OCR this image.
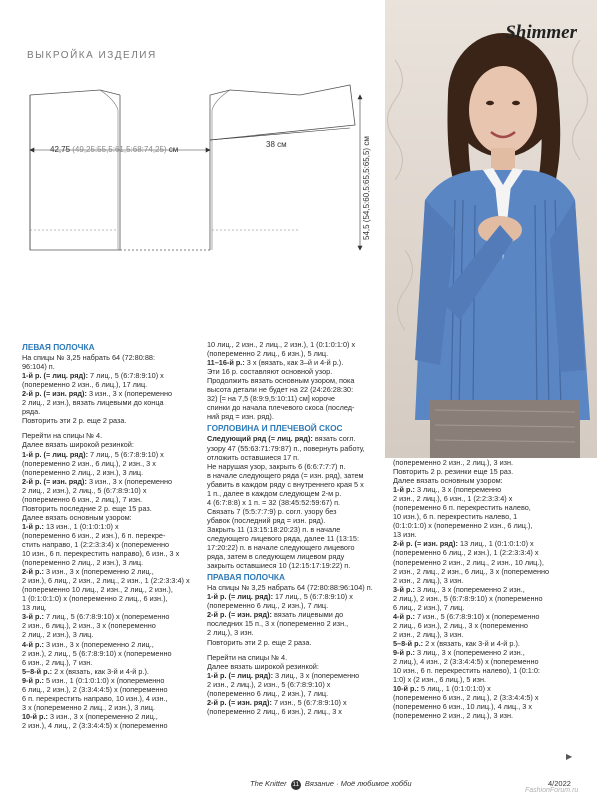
ВЫКРОЙКА ИЗДЕЛИЯ
42,75 (49,25:55,5:61,5:68:74,25) см
38 см
54,5 (54,5:60,5:65,5:65,5) см
Shimmer

ЛЕВАЯ ПОЛОЧКА

На спицы № 3,25 набрать 64 (72:80:88:

96:104) п.

1-й р. (= лиц. ряд): 7 лиц., 5 (6:7:8:9:10) х

(попеременно 2 изн., 6 лиц.), 17 лиц.

2-й р. (= изн. ряд): 3 изн., 3 х (попеременно

2 лиц., 2 изн.), вязать лицевыми до конца

ряда.

Повторить эти 2 р. еще 2 раза.

Перейти на спицы № 4.

Далее вязать широкой резинкой:

1-й р. (= лиц. ряд): 7 лиц., 5 (6:7:8:9:10) х

(попеременно 2 изн., 6 лиц.), 2 изн., 3 х

(попеременно 2 лиц., 2 изн.), 3 лиц.

2-й р. (= изн. ряд): 3 изн., 3 х (попеременно

2 лиц., 2 изн.), 2 лиц., 5 (6:7:8:9:10) х

(попеременно 6 изн., 2 лиц.), 7 изн.

Повторить последние 2 р. еще 15 раз.

Далее вязать основным узором:

1-й р.: 13 изн., 1 (0:1:0:1:0) х

(попеременно 6 изн., 2 изн.), 6 п. перекре-

стить направо, 1 (2:2:3:3:4) х (попеременно

10 изн., 6 п. перекрестить направо), 6 изн., 3 х

(попеременно 2 лиц., 2 изн.), 3 лиц.

2-й р.: 3 изн., 3 х (попеременно 2 лиц.,

2 изн.), 6 лиц., 2 изн., 2 лиц., 2 изн., 1 (2:2:3:3:4) х

(попеременно 10 лиц., 2 изн., 2 лиц., 2 изн.),

1 (0:1:0:1:0) х (попеременно 2 лиц., 6 изн.),

13 лиц.

3-й р.: 7 лиц., 5 (6:7:8:9:10) х (попеременно

2 изн., 6 лиц.), 2 изн., 3 х (попеременно

2 лиц., 2 изн.), 3 лиц.

4-й р.: 3 изн., 3 х (попеременно 2 лиц.,

2 изн.), 2 лиц., 5 (6:7:8:9:10) х (попеременно

6 изн., 2 лиц.), 7 изн.

5–8-й р.: 2 х (вязать, как 3-й и 4-й р.).

9-й р.: 5 изн., 1 (0:1:0:1:0) х (попеременно

6 лиц., 2 изн.), 2 (3:3:4:4:5) х (попеременно

6 п. перекрестить направо, 10 изн.), 4 изн.,

3 х (попеременно 2 лиц., 2 изн.), 3 лиц.

10-й р.: 3 изн., 3 х (попеременно 2 лиц.,

2 изн.), 4 лиц., 2 (3:3:4:4:5) х (попеременно

10 лиц., 2 изн., 2 лиц., 2 изн.), 1 (0:1:0:1:0) х

(попеременно 2 лиц., 6 изн.), 5 лиц.

11–16-й р.: 3 х (вязать, как 3–й и 4-й р.).

Эти 16 р. составляют основной узор.

Продолжить вязать основным узором, пока

высота детали не будет на 22 (24:26:28:30:

32) [= на 7,5 (8:9:9,5:10:11) см] короче

спинки до начала плечевого скоса (послед-

ний ряд = изн. ряд).

ГОРЛОВИНА И ПЛЕЧЕВОЙ СКОС

Следующий ряд (= лиц. ряд): вязать согл.

узору 47 (55:63:71:79:87) п., повернуть работу,

отложить оставшиеся 17 п.

Не нарушая узор, закрыть 6 (6:6:7:7:7) п.

в начале следующего ряда (= изн. ряд), затем

убавить в каждом ряду с внутреннего края 5 х

1 п., далее в каждом следующем 2-м р.

4 (6:7:8:8) х 1 п. = 32 (38:45:52:59:67) п.

Связать 7 (5:5:7:7:9) р. согл. узору без

убавок (последний ряд = изн. ряд).

Закрыть 11 (13:15:18:20:23) п. в начале

следующего лицевого ряда, далее 11 (13:15:

17:20:22) п. в начале следующего лицевого

ряда, затем в следующем лицевом ряду

закрыть оставшиеся 10 (12:15:17:19:22) п.

ПРАВАЯ ПОЛОЧКА

На спицы № 3,25 набрать 64 (72:80:88:96:104) п.

1-й р. (= лиц. ряд): 17 лиц., 5 (6:7:8:9:10) х

(попеременно 6 лиц., 2 изн.), 7 лиц.

2-й р. (= изн. ряд): вязать лицевыми до

последних 15 п., 3 х (попеременно 2 изн.,

2 лиц.), 3 изн.

Повторить эти 2 р. еще 2 раза.

Перейти на спицы № 4.

Далее вязать широкой резинкой:

1-й р. (= лиц. ряд): 3 лиц., 3 х (попеременно

2 изн., 2 лиц.), 2 изн., 5 (6:7:8:9:10) х

(попеременно 6 лиц., 2 изн.), 7 лиц.

2-й р. (= изн. ряд): 7 изн., 5 (6:7:8:9:10) х

(попеременно 2 лиц., 6 изн.), 2 лиц., 3 х

(попеременно 2 изн., 2 лиц.), 3 изн.

Повторить 2 р. резинки еще 15 раз.

Далее вязать основным узором:

1-й р.: 3 лиц., 3 х (попеременно

2 изн., 2 лиц.), 6 изн., 1 (2:2:3:3:4) х

(попеременно 6 п. перекрестить налево,

10 изн.), 6 п. перекрестить налево, 1

(0:1:0:1:0) х (попеременно 2 изн., 6 лиц.),

13 изн.

2-й р. (= изн. ряд): 13 лиц., 1 (0:1:0:1:0) х

(попеременно 6 лиц., 2 изн.), 1 (2:2:3:3:4) х

(попеременно 2 изн., 2 лиц., 2 изн., 10 лиц.),

2 изн., 2 лиц., 2 изн., 6 лиц., 3 х (попеременно

2 изн., 2 лиц.), 3 изн.

3-й р.: 3 лиц., 3 х (попеременно 2 изн.,

2 лиц.), 2 изн., 5 (6:7:8:9:10) х (попеременно

6 лиц., 2 изн.), 7 лиц.

4-й р.: 7 изн., 5 (6:7:8:9:10) х (попеременно

2 лиц., 6 изн.), 2 лиц., 3 х (попеременно

2 изн., 2 лиц.), 3 изн.

5–8-й р.: 2 х (вязать, как 3-й и 4-й р.).

9-й р.: 3 лиц., 3 х (попеременно 2 изн.,

2 лиц.), 4 изн., 2 (3:3:4:4:5) х (попеременно

10 изн., 6 п. перекрестить налево), 1 (0:1:0:

1:0) х (2 изн., 6 лиц.), 5 изн.

10-й р.: 5 лиц., 1 (0:1:0:1:0) х

(попеременно 6 изн., 2 лиц.), 2 (3:3:4:4:5) х

(попеременно 6 изн., 10 лиц.), 4 лиц., 3 х

(попеременно 2 изн., 2 лиц.), 3 изн.

▶
The Knitter 11 Вязание · Моё любимое хобби	4/2022
FashionForum.ru
